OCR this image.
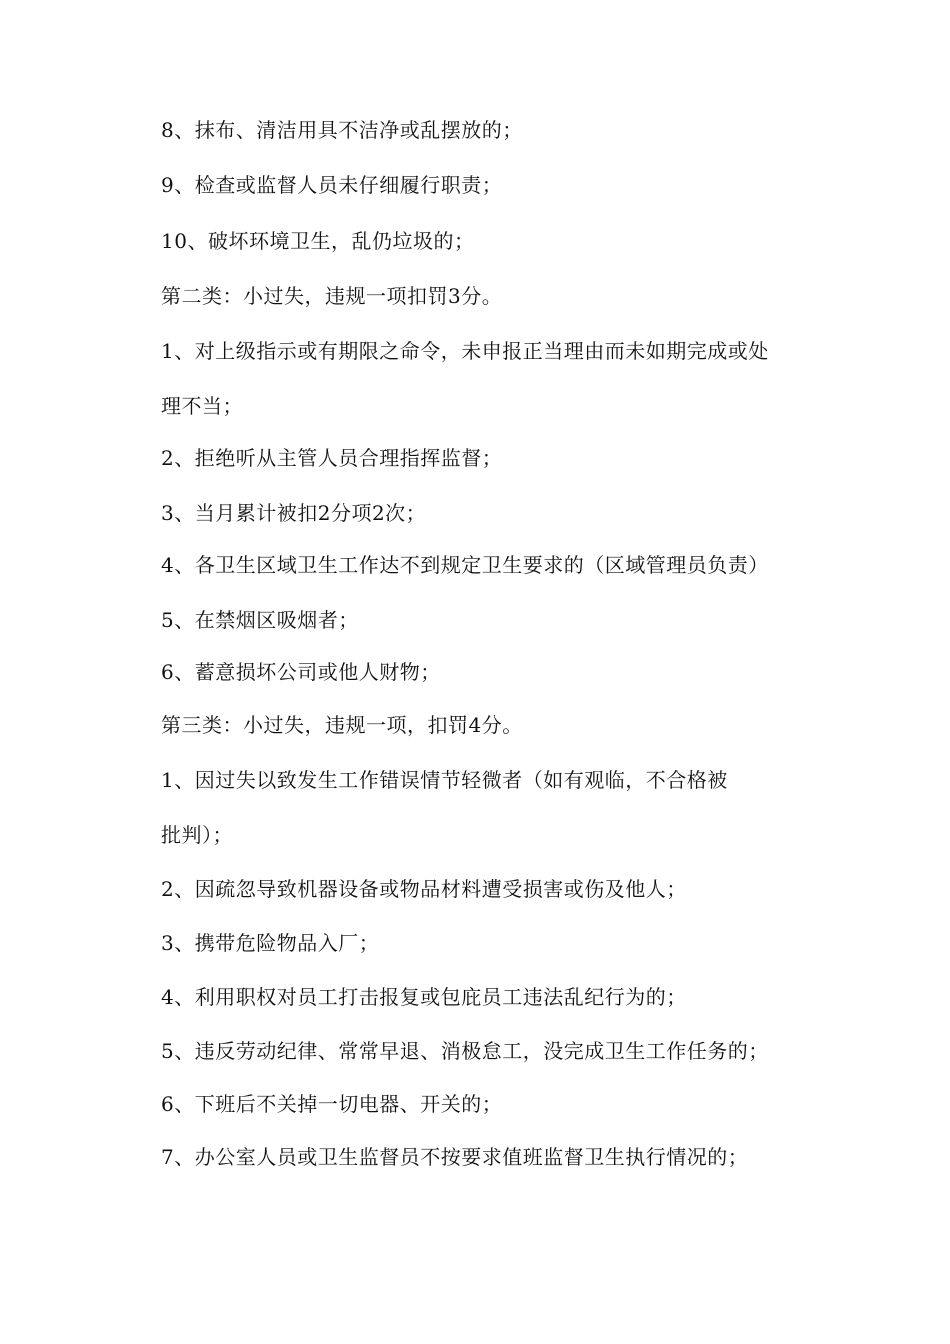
8、抹布、清洁用具不洁净或乱摆放的；
9、检查或监督人员未仔细履行职责；
10、破坏环境卫生，乱仍垃圾的；
第二类：小过失，违规一项扣罚3分。
1、对上级指示或有期限之命令，未申报正当理由而未如期完成或处
理不当；
2、拒绝听从主管人员合理指挥监督；
3、当月累计被扣2分项2次；
4、各卫生区域卫生工作达不到规定卫生要求的（区域管理员负责）
5、在禁烟区吸烟者；
6、蓄意损坏公司或他人财物；
第三类：小过失，违规一项，扣罚4分。
1、因过失以致发生工作错误情节轻微者（如有观临，不合格被
批判）；
2、因疏忽导致机器设备或物品材料遭受损害或伤及他人；
3、携带危险物品入厂；
4、利用职权对员工打击报复或包庇员工违法乱纪行为的；
5、违反劳动纪律、常常早退、消极怠工，没完成卫生工作任务的；
6、下班后不关掉一切电器、开关的；
7、办公室人员或卫生监督员不按要求值班监督卫生执行情况的；
